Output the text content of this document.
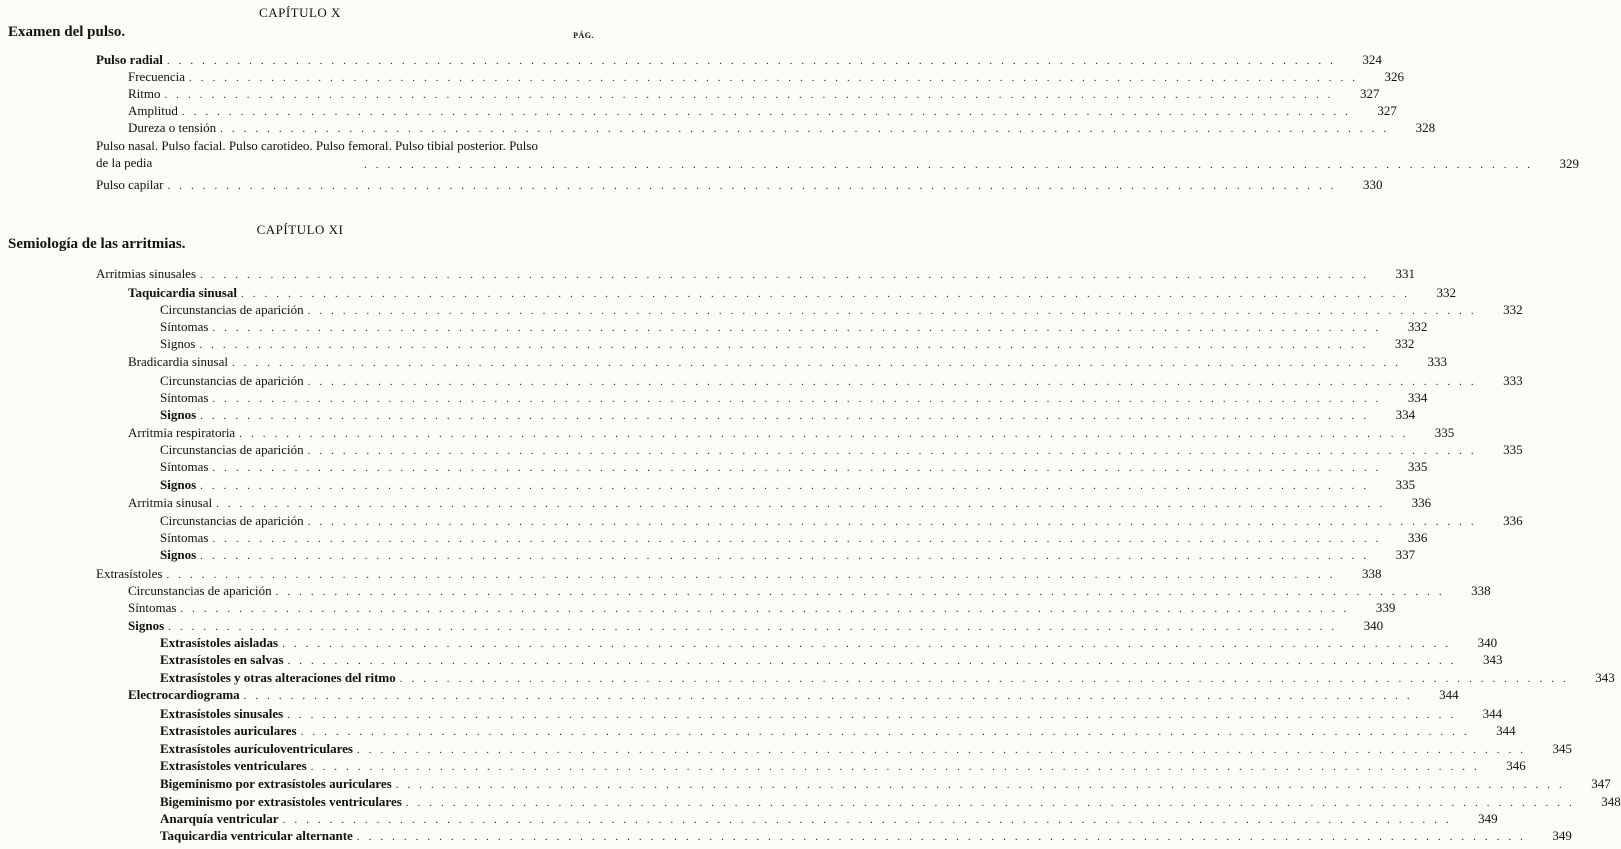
CAPÍTULO X
Examen del pulso.	PÁG.
Pulso radial ....................................................................................................	324
Frecuencia ....................................................................................................	326
Ritmo ....................................................................................................	327
Amplitud ....................................................................................................	327
Dureza o tensión ....................................................................................................	328
Pulso nasal. Pulso facial. Pulso carotideo. Pulso femoral. Pulso tibial posterior. Pulso de la pedia	....................................................................................................	329
Pulso capilar ....................................................................................................	330
CAPÍTULO XI
Semiología de las arritmias.
Arritmias sinusales ....................................................................................................	331
Taquicardia sinusal ....................................................................................................	332
Circunstancias de aparición ....................................................................................................	332
Síntomas ....................................................................................................	332
Signos ....................................................................................................	332
Bradicardia sinusal ....................................................................................................	333
Circunstancias de aparición ....................................................................................................	333
Síntomas ....................................................................................................	334
Signos ....................................................................................................	334
Arritmia respiratoria ....................................................................................................	335
Circunstancias de aparición ....................................................................................................	335
Síntomas ....................................................................................................	335
Signos ....................................................................................................	335
Arritmia sinusal ....................................................................................................	336
Circunstancias de aparición ....................................................................................................	336
Síntomas ....................................................................................................	336
Signos ....................................................................................................	337
Extrasístoles ....................................................................................................	338
Circunstancias de aparición ....................................................................................................	338
Síntomas ....................................................................................................	339
Signos ....................................................................................................	340
Extrasístoles aisladas ....................................................................................................	340
Extrasístoles en salvas ....................................................................................................	343
Extrasístoles y otras alteraciones del ritmo ....................................................................................................	343
Electrocardiograma ....................................................................................................	344
Extrasístoles sinusales ....................................................................................................	344
Extrasístoles auriculares ....................................................................................................	344
Extrasístoles aurículoventriculares ....................................................................................................	345
Extrasístoles ventriculares ....................................................................................................	346
Bigeminismo por extrasístoles auriculares ....................................................................................................	347
Bigeminismo por extrasístoles ventriculares ....................................................................................................	348
Anarquía ventricular ....................................................................................................	349
Taquicardia ventricular alternante ....................................................................................................	349
